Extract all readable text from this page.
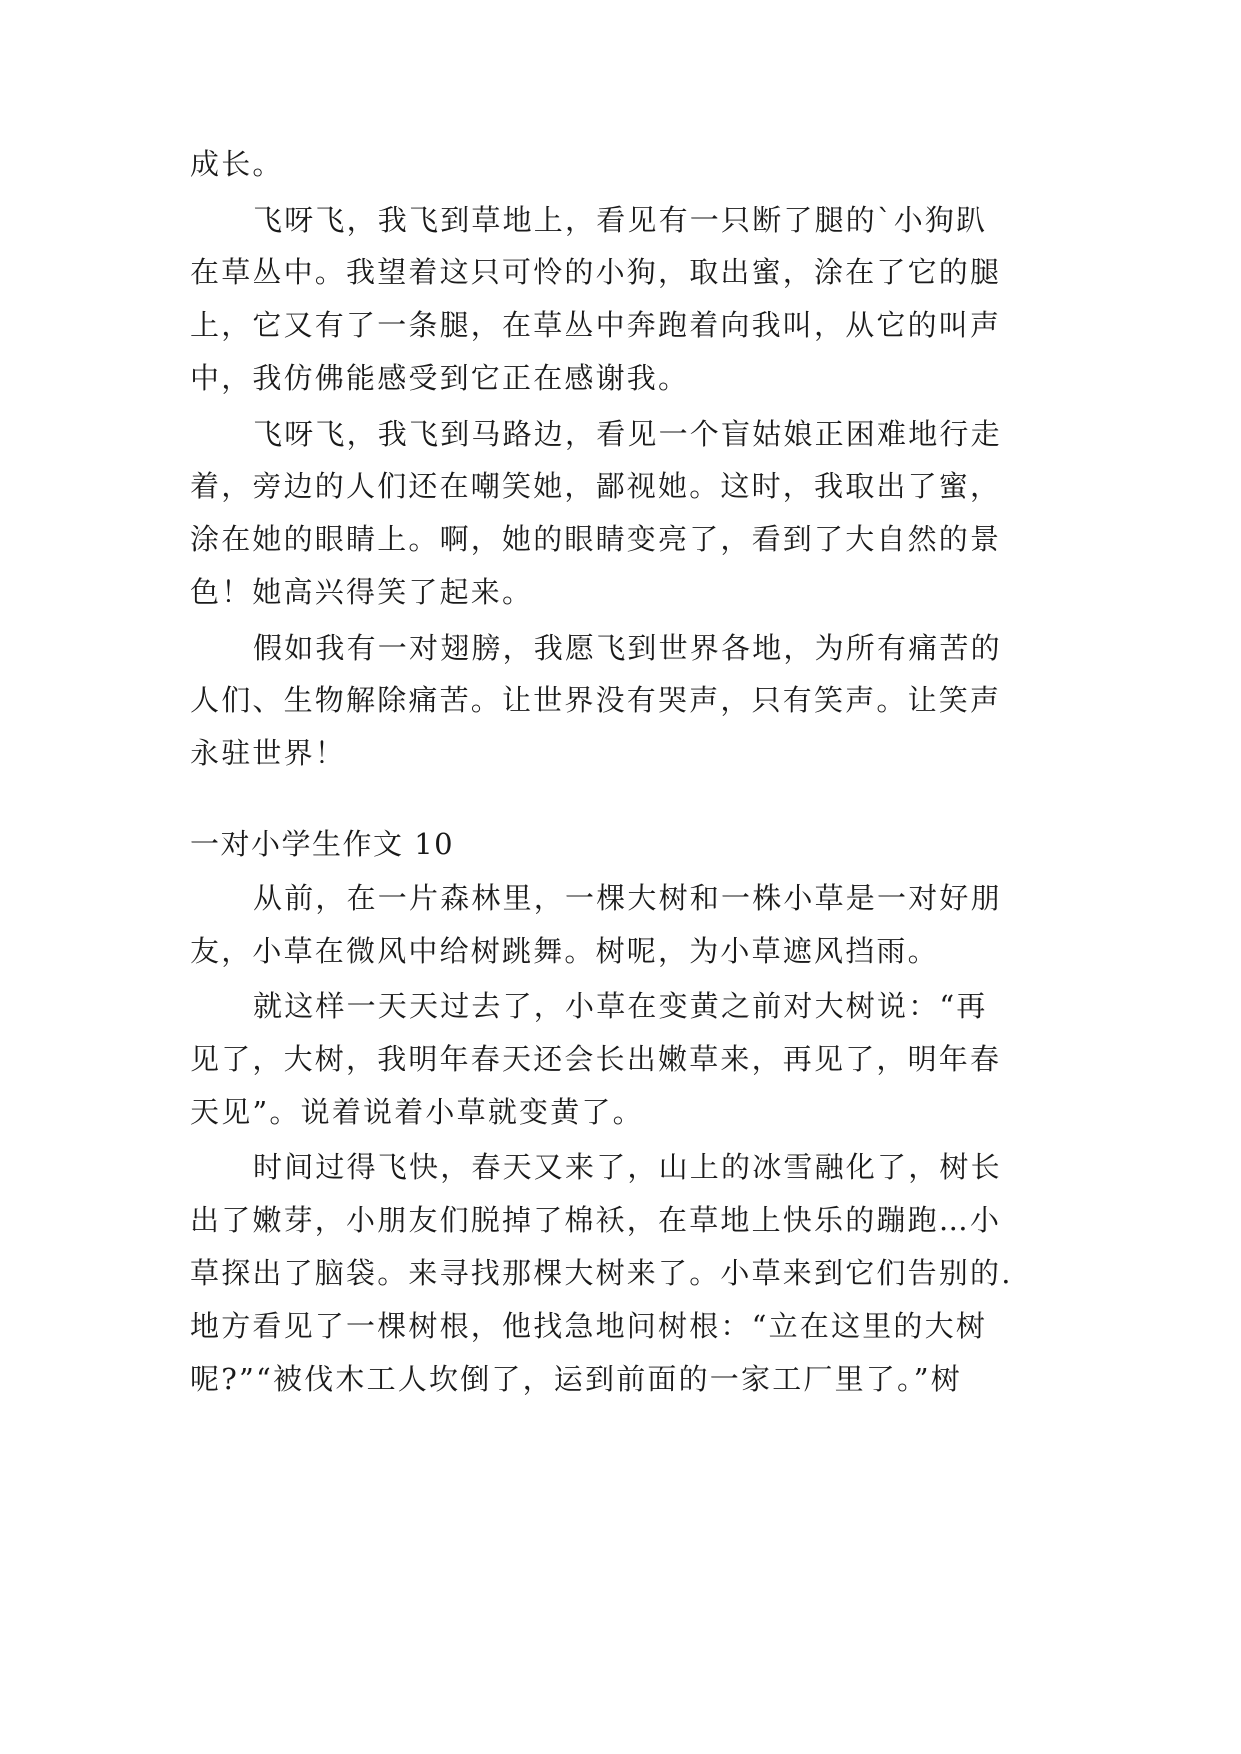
成长。
飞呀飞，我飞到草地上，看见有一只断了腿的`小狗趴
在草丛中。我望着这只可怜的小狗，取出蜜，涂在了它的腿
上，它又有了一条腿，在草丛中奔跑着向我叫，从它的叫声
中，我仿佛能感受到它正在感谢我。
飞呀飞，我飞到马路边，看见一个盲姑娘正困难地行走
着，旁边的人们还在嘲笑她，鄙视她。这时，我取出了蜜，
涂在她的眼睛上。啊，她的眼睛变亮了，看到了大自然的景
色！她高兴得笑了起来。
假如我有一对翅膀，我愿飞到世界各地，为所有痛苦的
人们、生物解除痛苦。让世界没有哭声，只有笑声。让笑声
永驻世界！
一对小学生作文 10
从前，在一片森林里，一棵大树和一株小草是一对好朋
友，小草在微风中给树跳舞。树呢，为小草遮风挡雨。
就这样一天天过去了，小草在变黄之前对大树说：“再
见了，大树，我明年春天还会长出嫩草来，再见了，明年春
天见”。说着说着小草就变黄了。
时间过得飞快，春天又来了，山上的冰雪融化了，树长
出了嫩芽，小朋友们脱掉了棉袄，在草地上快乐的蹦跑…小
草探出了脑袋。来寻找那棵大树来了。小草来到它们告别的.
地方看见了一棵树根，他找急地问树根：“立在这里的大树
呢?”“被伐木工人坎倒了，运到前面的一家工厂里了。”树
